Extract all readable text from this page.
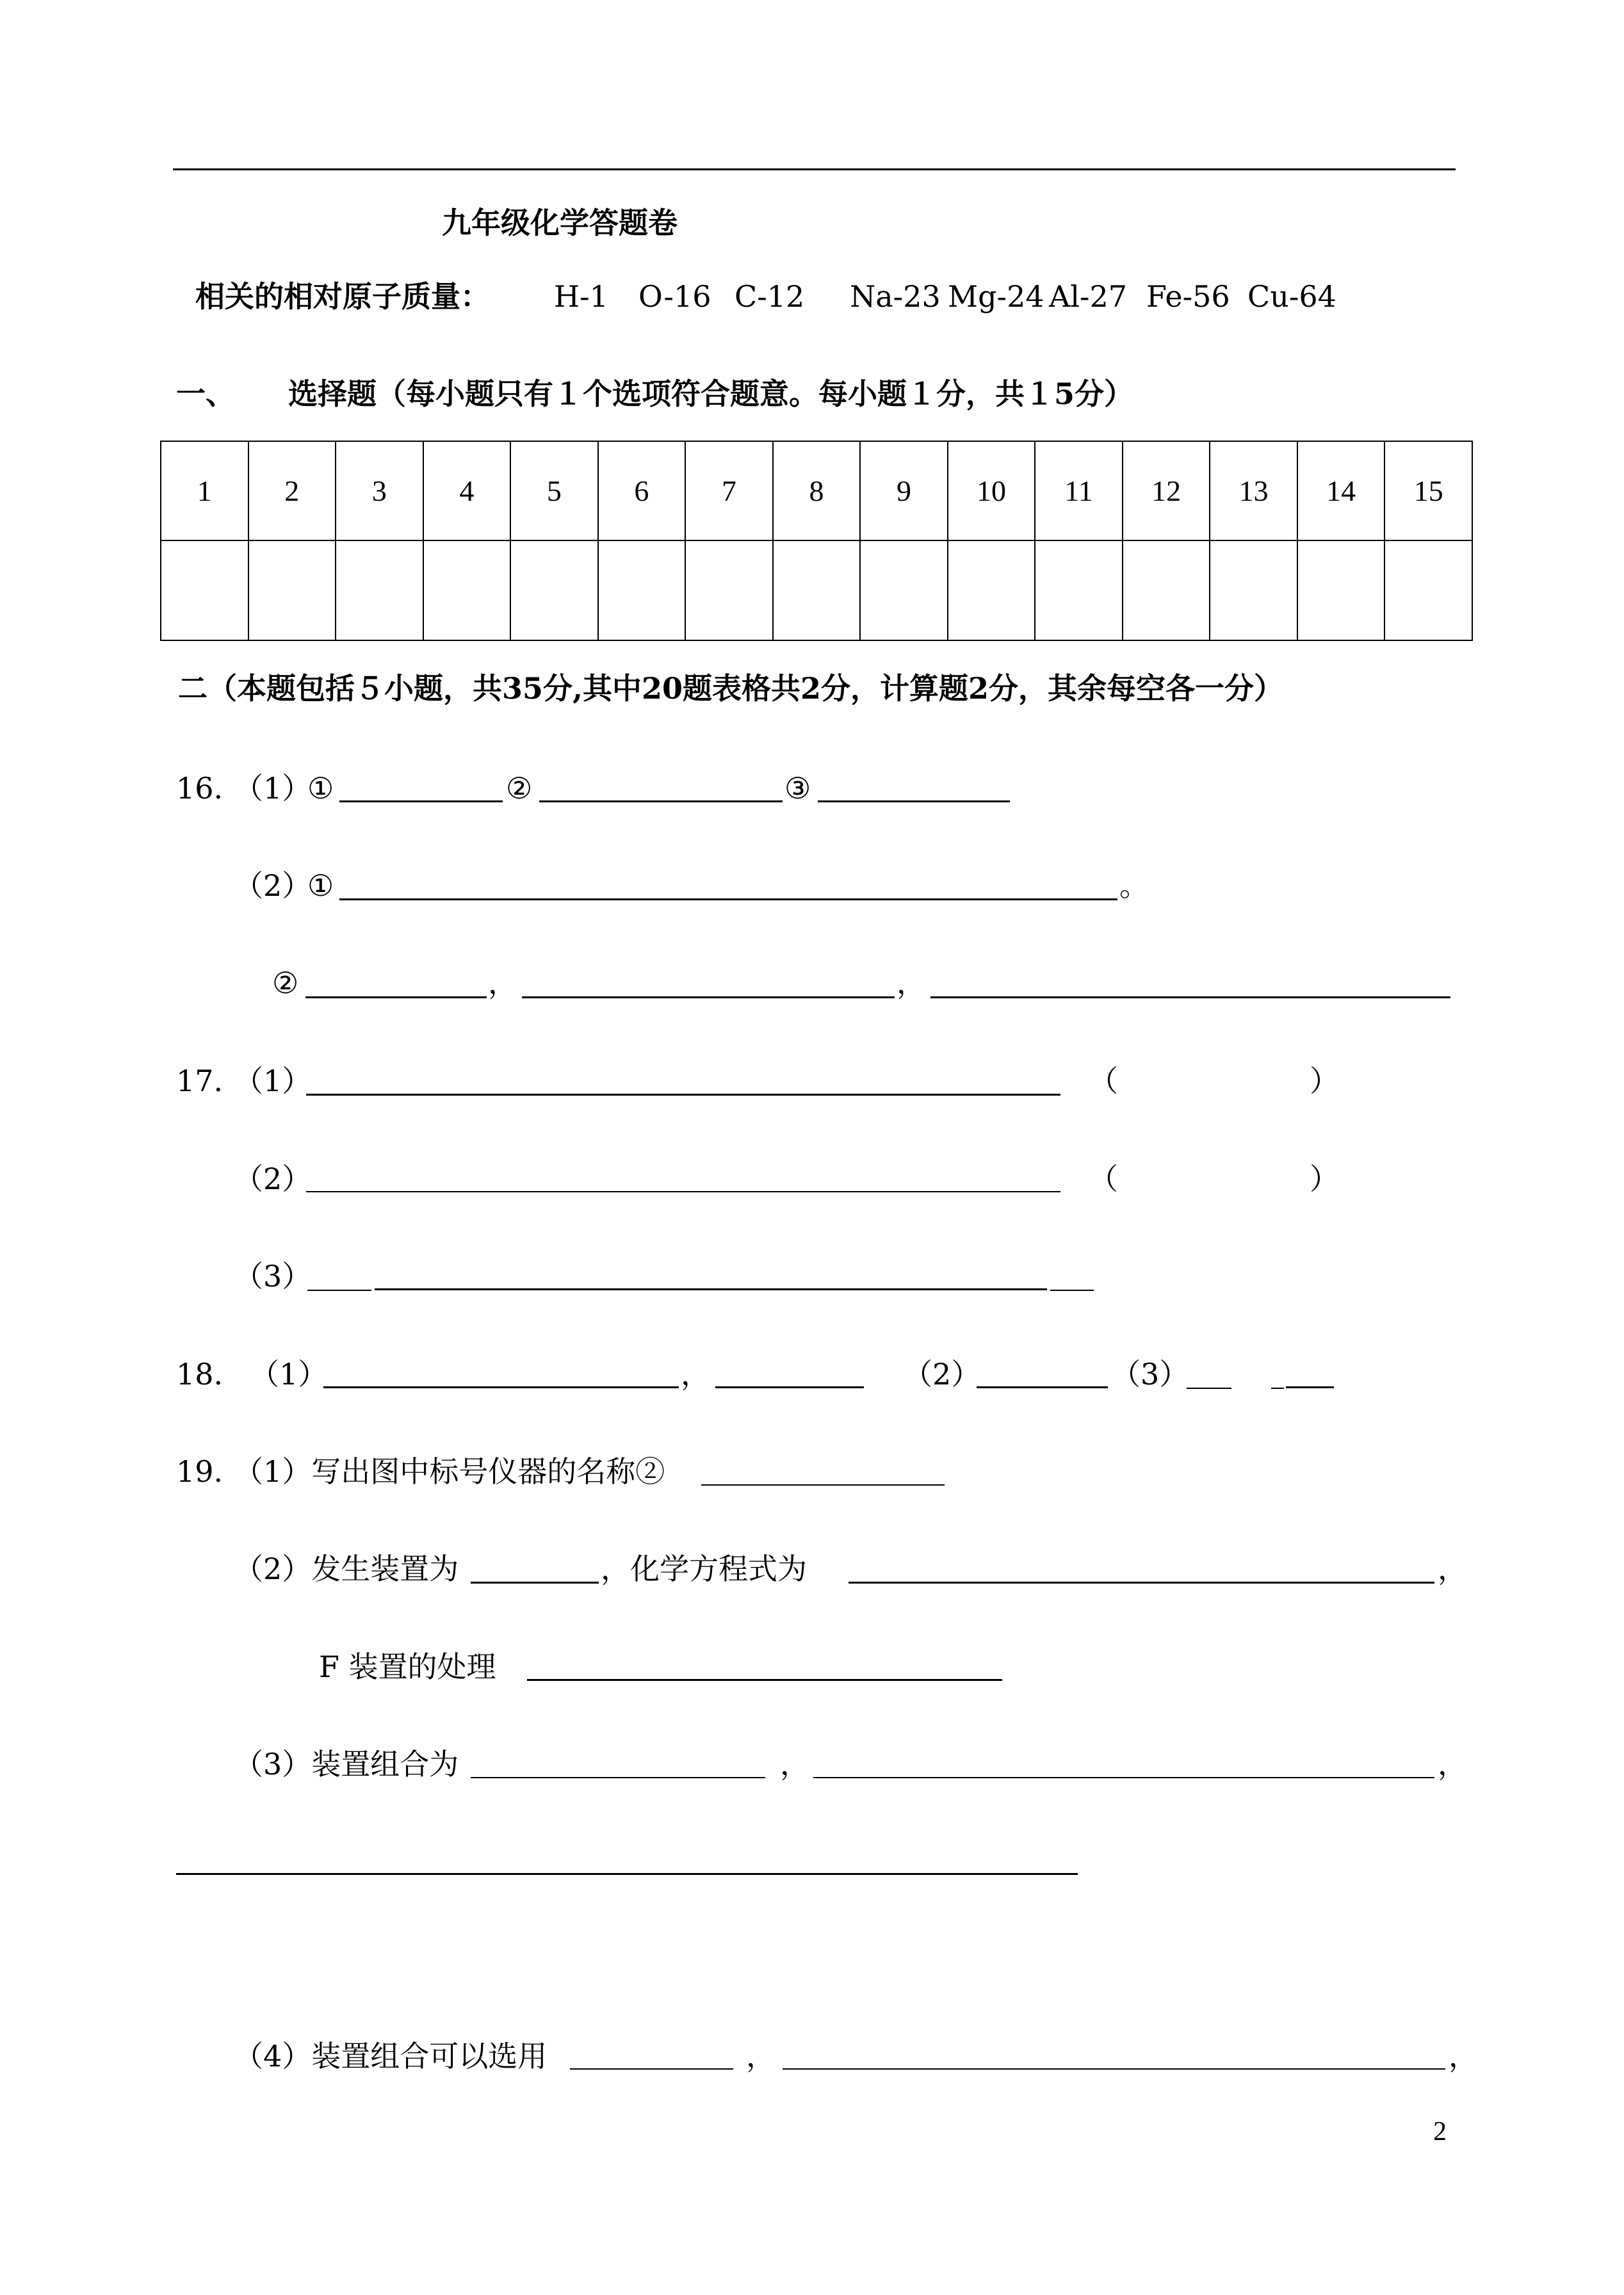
九年级化学答题卷
相关的相对原子质量： H-1 O-16 C-12 Na-23 Mg-24 Al-27 Fe-56 Cu-64
一、 选择题（每小题只有１个选项符合题意。每小题１分，共１5分）
1	2	3	4	5	6	7	8	9	10	11	12	13	14	15

二（本题包括５小题，共35分,其中20题表格共2分，计算题2分，其余每空各一分）
16. （1）
①	②	③
（2）
①	。
②	，	，
17. （1）	（	）
（2）	（	）
（3）
18. （1）	，	（2）	（3）
19. （1）写出图中标号仪器的名称②
（2）发生装置为	，化学方程式为	，
F 装置的处理
（3）装置组合为	，	，
（4）装置组合可以选用	，	，
2
